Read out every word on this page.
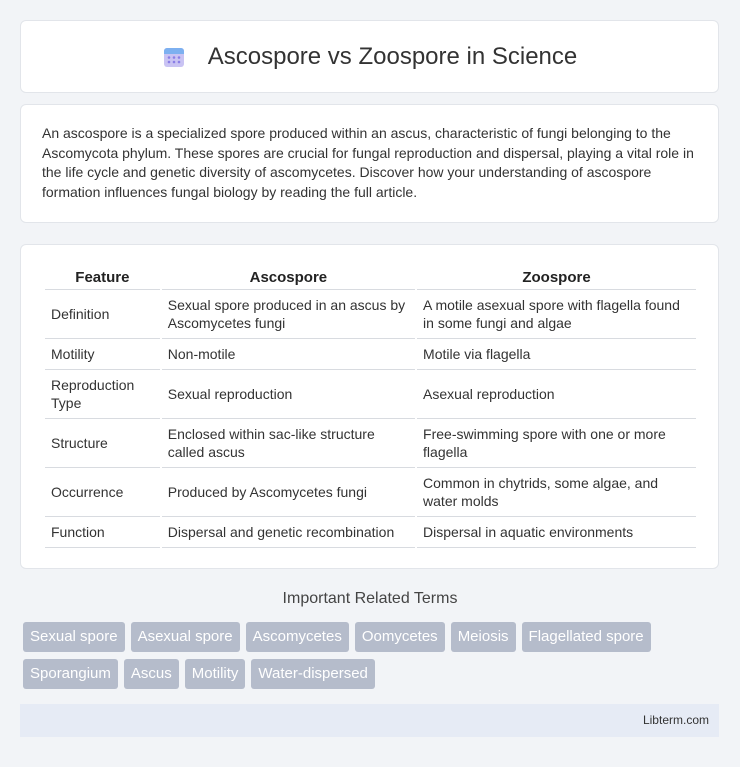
Ascospore vs Zoospore in Science

An ascospore is a specialized spore produced within an ascus, characteristic of fungi belonging to the Ascomycota phylum. These spores are crucial for fungal reproduction and dispersal, playing a vital role in the life cycle and genetic diversity of ascomycetes. Discover how your understanding of ascospore formation influences fungal biology by reading the full article.

Feature	Ascospore	Zoospore
Definition	Sexual spore produced in an ascus by Ascomycetes fungi	A motile asexual spore with flagella found in some fungi and algae
Motility	Non-motile	Motile via flagella
Reproduction Type	Sexual reproduction	Asexual reproduction
Structure	Enclosed within sac-like structure called ascus	Free-swimming spore with one or more flagella
Occurrence	Produced by Ascomycetes fungi	Common in chytrids, some algae, and water molds
Function	Dispersal and genetic recombination	Dispersal in aquatic environments
Important Related Terms
Sexual spore	Asexual spore	Ascomycetes	Oomycetes	Meiosis	Flagellated spore
Sporangium	Ascus	Motility	Water-dispersed
Libterm.com
